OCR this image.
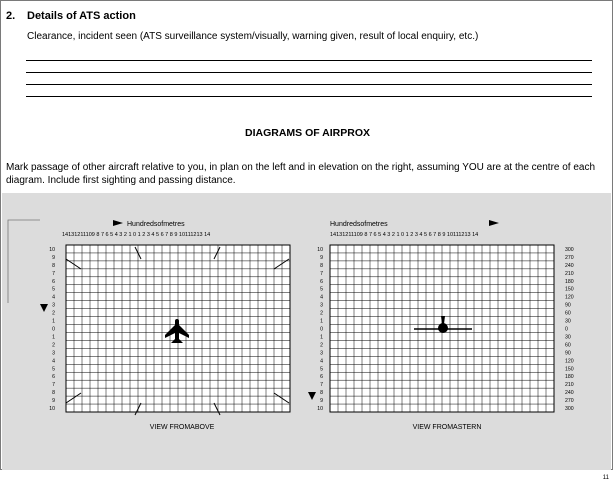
2. Details of ATS action
Clearance, incident seen (ATS surveillance system/visually, warning given, result of local enquiry, etc.)
DIAGRAMS OF AIRPROX
Mark passage of other aircraft relative to you, in plan on the left and in elevation on the right, assuming YOU are at the centre of each diagram. Include first sighting and passing distance.
Hundredsofmetres
14131211109 8 7 6 5 4 3 2 1 0 1 2 3 4 5 6 7 8 9 10111213 14
10
9
8
7
6
5
4
3
2
1
0
1
2
3
4
5
6
7
8
9
10
VIEW FROMABOVE
Hundredsofmetres
14131211109 8 7 6 5 4 3 2 1 0 1 2 3 4 5 6 7 8 9 10111213 14
10
9
8
7
6
5
4
3
2
1
0
1
2
3
4
5
6
7
8
9
10
300
270
240
210
180
150
120
90
60
30
0
30
60
90
120
150
180
210
240
270
300
VIEW FROMASTERN
11
